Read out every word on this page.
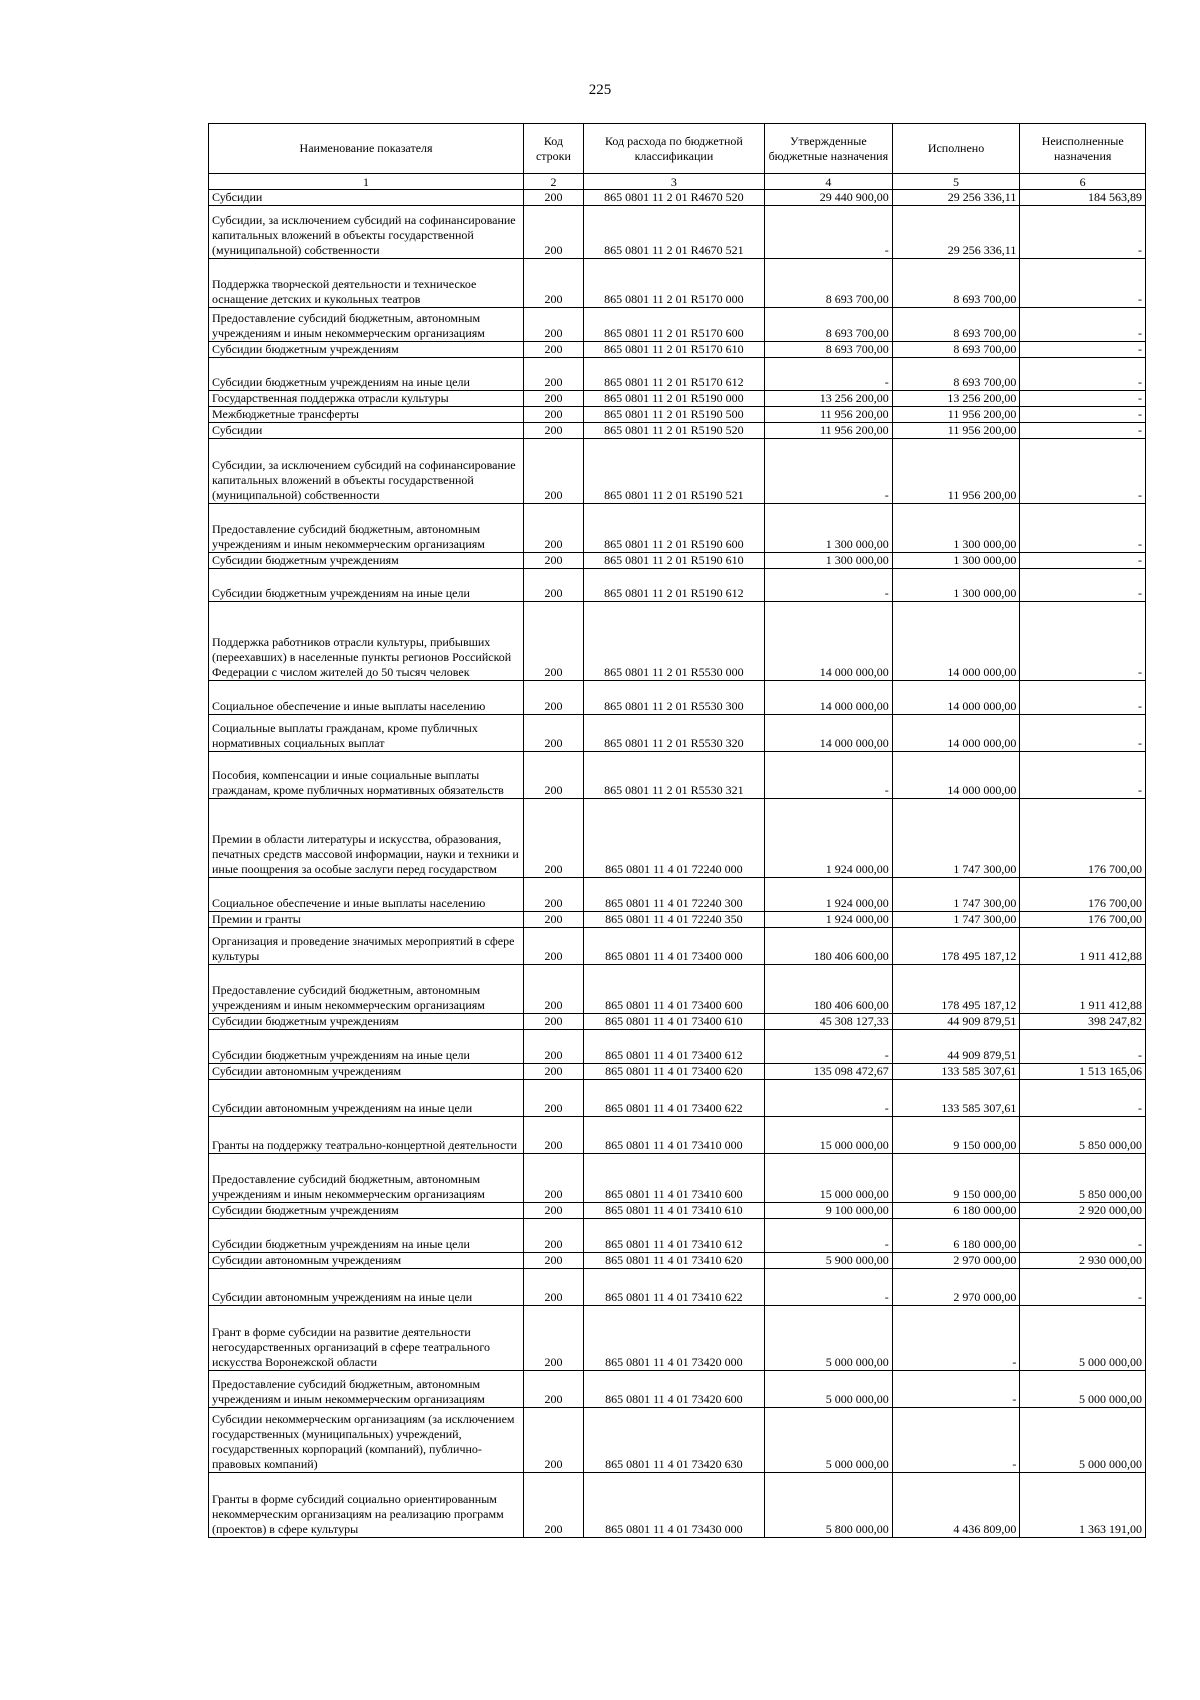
225
Наименование показателя	Код строки	Код расхода по бюджетной классификации	Утвержденные бюджетные назначения	Исполнено	Неисполненные назначения
1	2	3	4	5	6
Субсидии	200	865 0801 11 2 01 R4670 520	29 440 900,00	29 256 336,11	184 563,89
Субсидии, за исключением субсидий на софинансирование капитальных вложений в объекты государственной (муниципальной) собственности	200	865 0801 11 2 01 R4670 521	-	29 256 336,11	-
Поддержка творческой деятельности и техническое оснащение детских и кукольных театров	200	865 0801 11 2 01 R5170 000	8 693 700,00	8 693 700,00	-
Предоставление субсидий бюджетным, автономным учреждениям и иным некоммерческим организациям	200	865 0801 11 2 01 R5170 600	8 693 700,00	8 693 700,00	-
Субсидии бюджетным учреждениям	200	865 0801 11 2 01 R5170 610	8 693 700,00	8 693 700,00	-
Субсидии бюджетным учреждениям на иные цели	200	865 0801 11 2 01 R5170 612	-	8 693 700,00	-
Государственная поддержка отрасли культуры	200	865 0801 11 2 01 R5190 000	13 256 200,00	13 256 200,00	-
Межбюджетные трансферты	200	865 0801 11 2 01 R5190 500	11 956 200,00	11 956 200,00	-
Субсидии	200	865 0801 11 2 01 R5190 520	11 956 200,00	11 956 200,00	-
Субсидии, за исключением субсидий на софинансирование капитальных вложений в объекты государственной (муниципальной) собственности	200	865 0801 11 2 01 R5190 521	-	11 956 200,00	-
Предоставление субсидий бюджетным, автономным учреждениям и иным некоммерческим организациям	200	865 0801 11 2 01 R5190 600	1 300 000,00	1 300 000,00	-
Субсидии бюджетным учреждениям	200	865 0801 11 2 01 R5190 610	1 300 000,00	1 300 000,00	-
Субсидии бюджетным учреждениям на иные цели	200	865 0801 11 2 01 R5190 612	-	1 300 000,00	-
Поддержка работников отрасли культуры, прибывших (переехавших) в населенные пункты регионов Российской Федерации с числом жителей до 50 тысяч человек	200	865 0801 11 2 01 R5530 000	14 000 000,00	14 000 000,00	-
Социальное обеспечение и иные выплаты населению	200	865 0801 11 2 01 R5530 300	14 000 000,00	14 000 000,00	-
Социальные выплаты гражданам, кроме публичных нормативных социальных выплат	200	865 0801 11 2 01 R5530 320	14 000 000,00	14 000 000,00	-
Пособия, компенсации и иные социальные выплаты гражданам, кроме публичных нормативных обязательств	200	865 0801 11 2 01 R5530 321	-	14 000 000,00	-
Премии в области литературы и искусства, образования, печатных средств массовой информации, науки и техники и иные поощрения за особые заслуги перед государством	200	865 0801 11 4 01 72240 000	1 924 000,00	1 747 300,00	176 700,00
Социальное обеспечение и иные выплаты населению	200	865 0801 11 4 01 72240 300	1 924 000,00	1 747 300,00	176 700,00
Премии и гранты	200	865 0801 11 4 01 72240 350	1 924 000,00	1 747 300,00	176 700,00
Организация и проведение значимых мероприятий в сфере культуры	200	865 0801 11 4 01 73400 000	180 406 600,00	178 495 187,12	1 911 412,88
Предоставление субсидий бюджетным, автономным учреждениям и иным некоммерческим организациям	200	865 0801 11 4 01 73400 600	180 406 600,00	178 495 187,12	1 911 412,88
Субсидии бюджетным учреждениям	200	865 0801 11 4 01 73400 610	45 308 127,33	44 909 879,51	398 247,82
Субсидии бюджетным учреждениям на иные цели	200	865 0801 11 4 01 73400 612	-	44 909 879,51	-
Субсидии автономным учреждениям	200	865 0801 11 4 01 73400 620	135 098 472,67	133 585 307,61	1 513 165,06
Субсидии автономным учреждениям на иные цели	200	865 0801 11 4 01 73400 622	-	133 585 307,61	-
Гранты на поддержку театрально-концертной деятельности	200	865 0801 11 4 01 73410 000	15 000 000,00	9 150 000,00	5 850 000,00
Предоставление субсидий бюджетным, автономным учреждениям и иным некоммерческим организациям	200	865 0801 11 4 01 73410 600	15 000 000,00	9 150 000,00	5 850 000,00
Субсидии бюджетным учреждениям	200	865 0801 11 4 01 73410 610	9 100 000,00	6 180 000,00	2 920 000,00
Субсидии бюджетным учреждениям на иные цели	200	865 0801 11 4 01 73410 612	-	6 180 000,00	-
Субсидии автономным учреждениям	200	865 0801 11 4 01 73410 620	5 900 000,00	2 970 000,00	2 930 000,00
Субсидии автономным учреждениям на иные цели	200	865 0801 11 4 01 73410 622	-	2 970 000,00	-
Грант в форме субсидии на развитие деятельности негосударственных организаций в сфере театрального искусства Воронежской области	200	865 0801 11 4 01 73420 000	5 000 000,00	-	5 000 000,00
Предоставление субсидий бюджетным, автономным учреждениям и иным некоммерческим организациям	200	865 0801 11 4 01 73420 600	5 000 000,00	-	5 000 000,00
Субсидии некоммерческим организациям (за исключением государственных (муниципальных) учреждений, государственных корпораций (компаний), публично-правовых компаний)	200	865 0801 11 4 01 73420 630	5 000 000,00	-	5 000 000,00
Гранты в форме субсидий социально ориентированным некоммерческим организациям на реализацию программ (проектов) в сфере культуры	200	865 0801 11 4 01 73430 000	5 800 000,00	4 436 809,00	1 363 191,00
